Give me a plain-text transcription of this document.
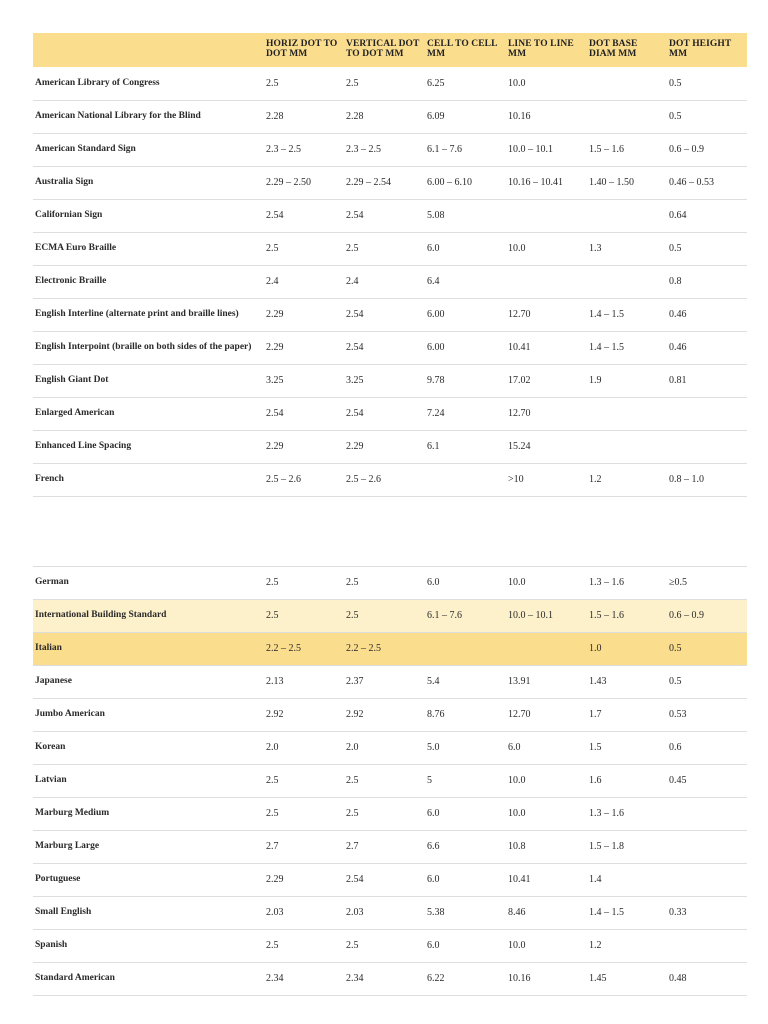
	HORIZ DOT TO DOT MM	VERTICAL DOT TO DOT MM	CELL TO CELL MM	LINE TO LINE MM	DOT BASE DIAM MM	DOT HEIGHT MM
American Library of Congress	2.5	2.5	6.25	10.0		0.5
American National Library for the Blind	2.28	2.28	6.09	10.16		0.5
American Standard Sign	2.3 – 2.5	2.3 – 2.5	6.1 – 7.6	10.0 – 10.1	1.5 – 1.6	0.6 – 0.9
Australia Sign	2.29 – 2.50	2.29 – 2.54	6.00 – 6.10	10.16 – 10.41	1.40 – 1.50	0.46 – 0.53
Californian Sign	2.54	2.54	5.08			0.64
ECMA Euro Braille	2.5	2.5	6.0	10.0	1.3	0.5
Electronic Braille	2.4	2.4	6.4			0.8
English Interline (alternate print and braille lines)	2.29	2.54	6.00	12.70	1.4 – 1.5	0.46
English Interpoint (braille on both sides of the paper)	2.29	2.54	6.00	10.41	1.4 – 1.5	0.46
English Giant Dot	3.25	3.25	9.78	17.02	1.9	0.81
Enlarged American	2.54	2.54	7.24	12.70		
Enhanced Line Spacing	2.29	2.29	6.1	15.24		
French	2.5 – 2.6	2.5 – 2.6		>10	1.2	0.8 – 1.0

German	2.5	2.5	6.0	10.0	1.3 – 1.6	≥0.5
International Building Standard	2.5	2.5	6.1 – 7.6	10.0 – 10.1	1.5 – 1.6	0.6 – 0.9
Italian	2.2 – 2.5	2.2 – 2.5			1.0	0.5
Japanese	2.13	2.37	5.4	13.91	1.43	0.5
Jumbo American	2.92	2.92	8.76	12.70	1.7	0.53
Korean	2.0	2.0	5.0	6.0	1.5	0.6
Latvian	2.5	2.5	5	10.0	1.6	0.45
Marburg Medium	2.5	2.5	6.0	10.0	1.3 – 1.6	
Marburg Large	2.7	2.7	6.6	10.8	1.5 – 1.8	
Portuguese	2.29	2.54	6.0	10.41	1.4	
Small English	2.03	2.03	5.38	8.46	1.4 – 1.5	0.33
Spanish	2.5	2.5	6.0	10.0	1.2	
Standard American	2.34	2.34	6.22	10.16	1.45	0.48
